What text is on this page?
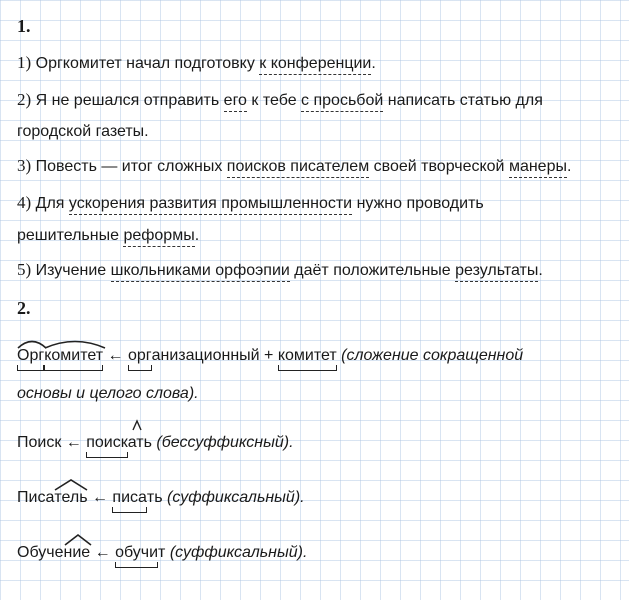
1.
1) Оргкомитет начал подготовку к конференции.
2) Я не решался отправить его к тебе с просьбой написать статью для
городской газеты.
3) Повесть — итог сложных поисков писателем своей творческой манеры.
4) Для ускорения развития промышленности нужно проводить
решительные реформы.
5) Изучение школьниками орфоэпии даёт положительные результаты.
2.
Орг
комитет ← организационный + комитет (сложение сокращенной
основы и целого слова).
Поиск ← поиск
ать (бессуффиксный).
Писа
тель ← писать (суффиксальный).
Обуче
ние ← обучит (суффиксальный).
